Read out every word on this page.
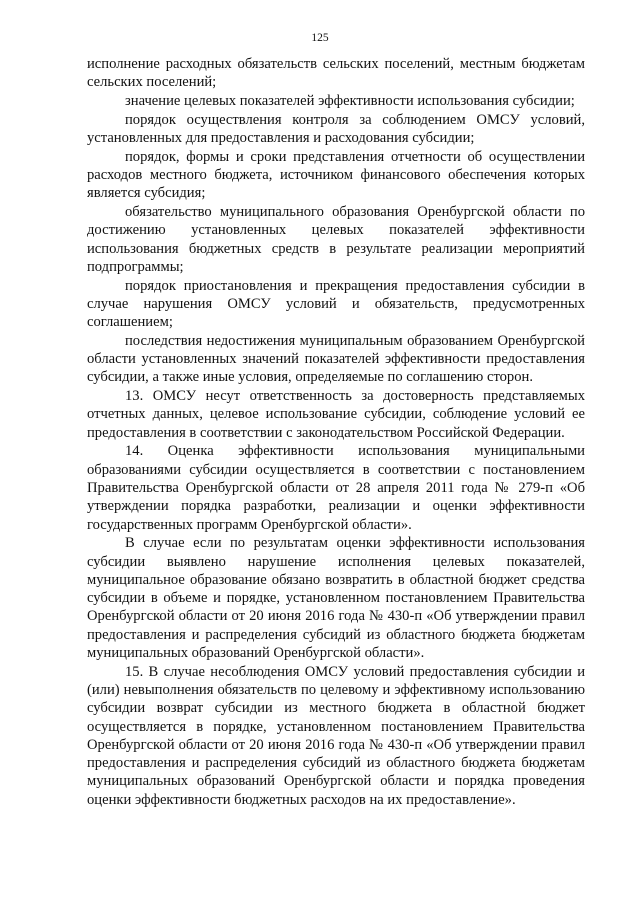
125

исполнение расходных обязательств сельских поселений, местным бюджетам сельских поселений;

значение целевых показателей эффективности использования субсидии;

порядок осуществления контроля за соблюдением ОМСУ условий, установленных для предоставления и расходования субсидии;

порядок, формы и сроки представления отчетности об осуществлении расходов местного бюджета, источником финансового обеспечения которых является субсидия;

обязательство муниципального образования Оренбургской области по достижению установленных целевых показателей эффективности использования бюджетных средств в результате реализации мероприятий подпрограммы;

порядок приостановления и прекращения предоставления субсидии в случае нарушения ОМСУ условий и обязательств, предусмотренных соглашением;

последствия недостижения муниципальным образованием Оренбургской области установленных значений показателей эффективности предоставления субсидии, а также иные условия, определяемые по соглашению сторон.

13. ОМСУ несут ответственность за достоверность представляемых отчетных данных, целевое использование субсидии, соблюдение условий ее предоставления в соответствии с законодательством Российской Федерации.

14. Оценка эффективности использования муниципальными образованиями субсидии осуществляется в соответствии с постановлением Правительства Оренбургской области от 28 апреля 2011 года № 279-п «Об утверждении порядка разработки, реализации и оценки эффективности государственных программ Оренбургской области».

В случае если по результатам оценки эффективности использования субсидии выявлено нарушение исполнения целевых показателей, муниципальное образование обязано возвратить в областной бюджет средства субсидии в объеме и порядке, установленном постановлением Правительства Оренбургской области от 20 июня 2016 года № 430-п «Об утверждении правил предоставления и распределения субсидий из областного бюджета бюджетам муниципальных образований Оренбургской области».

15. В случае несоблюдения ОМСУ условий предоставления субсидии и (или) невыполнения обязательств по целевому и эффективному использованию субсидии возврат субсидии из местного бюджета в областной бюджет осуществляется в порядке, установленном постановлением Правительства Оренбургской области от 20 июня 2016 года № 430-п «Об утверждении правил предоставления и распределения субсидий из областного бюджета бюджетам муниципальных образований Оренбургской области и порядка проведения оценки эффективности бюджетных расходов на их предоставление».
